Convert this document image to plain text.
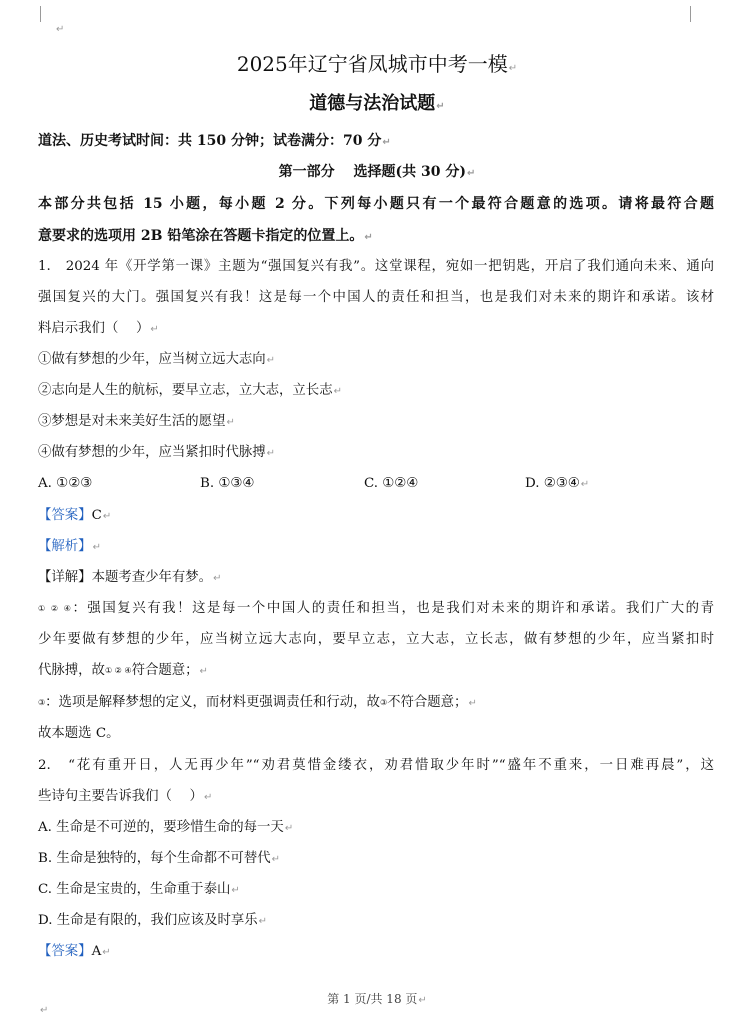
↵
2025年辽宁省凤城市中考一模↵
道德与法治试题↵
道法、历史考试时间：共 150 分钟；试卷满分：70 分↵
第一部分　 选择题(共 30 分)↵
本部分共包括 15 小题，每小题 2 分。下列每小题只有一个最符合题意的选项。请将最符合题
意要求的选项用 2B 铅笔涂在答题卡指定的位置上。↵
1.　2024 年《开学第一课》主题为“强国复兴有我”。这堂课程，宛如一把钥匙，开启了我们通向未来、通向
强国复兴的大门。强国复兴有我！这是每一个中国人的责任和担当，也是我们对未来的期许和承诺。该材
料启示我们（　 ）↵
①做有梦想的少年，应当树立远大志向↵
②志向是人生的航标，要早立志，立大志，立长志↵
③梦想是对未来美好生活的愿望↵
④做有梦想的少年，应当紧扣时代脉搏↵
A. ①②③	B. ①③④	C. ①②④	D. ②③④↵
【答案】C↵
【解析】↵
【详解】本题考查少年有梦。↵
① ② ④：强国复兴有我！这是每一个中国人的责任和担当，也是我们对未来的期许和承诺。我们广大的青
少年要做有梦想的少年，应当树立远大志向，要早立志，立大志，立长志，做有梦想的少年，应当紧扣时
代脉搏，故① ② ④符合题意；↵
③：选项是解释梦想的定义，而材料更强调责任和行动，故③不符合题意；↵
故本题选 C。
2.　“花有重开日，人无再少年”“劝君莫惜金缕衣，劝君惜取少年时”“盛年不重来，一日难再晨”，这
些诗句主要告诉我们（　 ）↵
A. 生命是不可逆的，要珍惜生命的每一天↵
B. 生命是独特的，每个生命都不可替代↵
C. 生命是宝贵的，生命重于泰山↵
D. 生命是有限的，我们应该及时享乐↵
【答案】A↵
第 1 页/共 18 页↵
↵
